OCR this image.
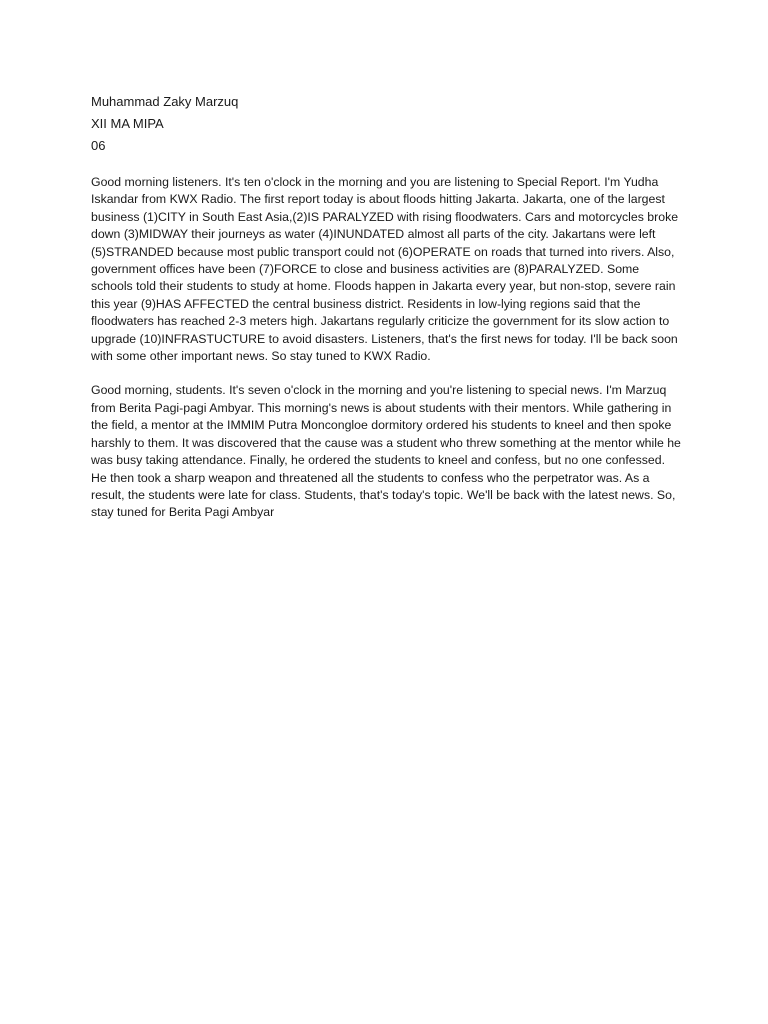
Muhammad Zaky Marzuq
XII MA MIPA
06

Good morning listeners. It's ten o'clock in the morning and you are listening to Special Report. I'm Yudha Iskandar from KWX Radio. The first report today is about floods hitting Jakarta. Jakarta, one of the largest business (1)CITY in South East Asia,(2)IS PARALYZED with rising floodwaters. Cars and motorcycles broke down (3)MIDWAY their journeys as water (4)INUNDATED almost all parts of the city. Jakartans were left (5)STRANDED because most public transport could not (6)OPERATE on roads that turned into rivers. Also, government offices have been (7)FORCE to close and business activities are (8)PARALYZED. Some schools told their students to study at home. Floods happen in Jakarta every year, but non-stop, severe rain this year (9)HAS AFFECTED the central business district. Residents in low-lying regions said that the floodwaters has reached 2-3 meters high. Jakartans regularly criticize the government for its slow action to upgrade (10)INFRASTUCTURE to avoid disasters. Listeners, that's the first news for today. I'll be back soon with some other important news. So stay tuned to KWX Radio.

Good morning, students. It's seven o'clock in the morning and you're listening to special news. I'm Marzuq from Berita Pagi-pagi Ambyar. This morning's news is about students with their mentors. While gathering in the field, a mentor at the IMMIM Putra Moncongloe dormitory ordered his students to kneel and then spoke harshly to them. It was discovered that the cause was a student who threw something at the mentor while he was busy taking attendance. Finally, he ordered the students to kneel and confess, but no one confessed. He then took a sharp weapon and threatened all the students to confess who the perpetrator was. As a result, the students were late for class. Students, that's today's topic. We'll be back with the latest news. So, stay tuned for Berita Pagi Ambyar
